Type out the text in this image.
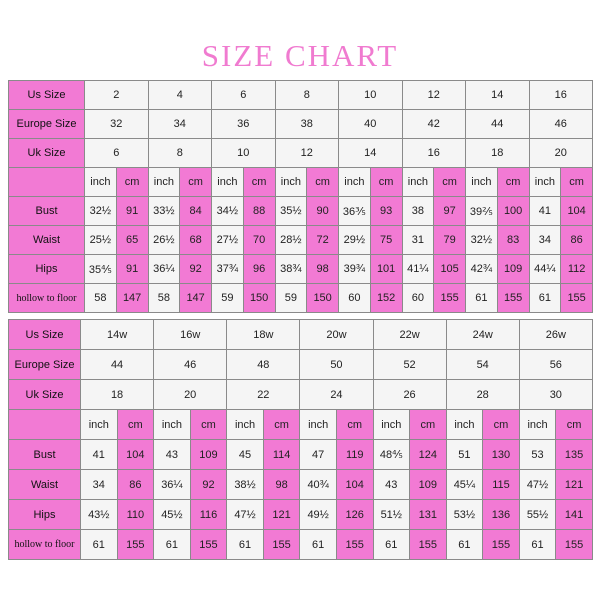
SIZE CHART
Us Size	2		4		6		8		10		12		14		16	
Europe Size	32		34		36		38		40		42		44		46	
Uk Size	6		8		10		12		14		16		18		20	
	inch	cm	inch	cm	inch	cm	inch	cm	inch	cm	inch	cm	inch	cm	inch	cm
Bust	32½	91	33½	84	34½	88	35½	90	36⅗	93	38	97	39⅖	100	41	104
Waist	25½	65	26½	68	27½	70	28½	72	29½	75	31	79	32½	83	34	86
Hips	35⅘	91	36¼	92	37¾	96	38¾	98	39¾	101	41¼	105	42¾	109	44¼	112
hollow to floor	58	147	58	147	59	150	59	150	60	152	60	155	61	155	61	155
Us Size	14w		16w		18w		20w		22w		24w		26w	
Europe Size	44		46		48		50		52		54		56	
Uk Size	18		20		22		24		26		28		30	
	inch	cm	inch	cm	inch	cm	inch	cm	inch	cm	inch	cm	inch	cm
Bust	41	104	43	109	45	114	47	119	48⅘	124	51	130	53	135
Waist	34	86	36¼	92	38½	98	40¾	104	43	109	45¼	115	47½	121
Hips	43½	110	45½	116	47½	121	49½	126	51½	131	53½	136	55½	141
hollow to floor	61	155	61	155	61	155	61	155	61	155	61	155	61	155
